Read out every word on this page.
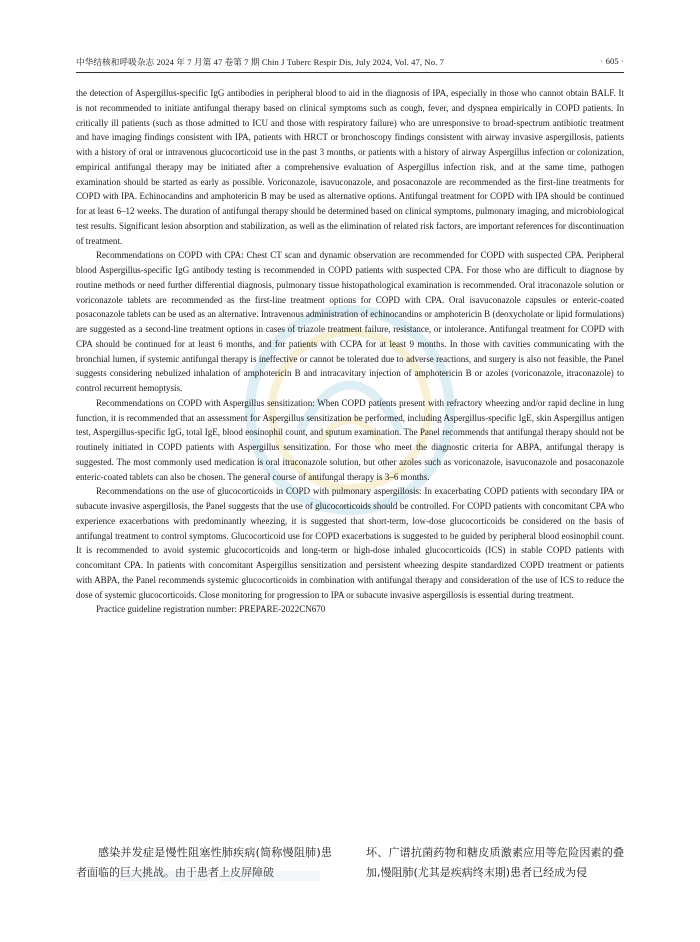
中华结核和呼吸杂志 2024 年 7 月第 47 卷第 7 期 Chin J Tuberc Respir Dis, July 2024, Vol. 47, No. 7	· 605 ·

the detection of Aspergillus-specific IgG antibodies in peripheral blood to aid in the diagnosis of IPA, especially in those who cannot obtain BALF. It is not recommended to initiate antifungal therapy based on clinical symptoms such as cough, fever, and dyspnea empirically in COPD patients. In critically ill patients (such as those admitted to ICU and those with respiratory failure) who are unresponsive to broad-spectrum antibiotic treatment and have imaging findings consistent with IPA, patients with HRCT or bronchoscopy findings consistent with airway invasive aspergillosis, patients with a history of oral or intravenous glucocorticoid use in the past 3 months, or patients with a history of airway Aspergillus infection or colonization, empirical antifungal therapy may be initiated after a comprehensive evaluation of Aspergillus infection risk, and at the same time, pathogen examination should be started as early as possible. Voriconazole, isavuconazole, and posaconazole are recommended as the first-line treatments for COPD with IPA. Echinocandins and amphotericin B may be used as alternative options. Antifungal treatment for COPD with IPA should be continued for at least 6–12 weeks. The duration of antifungal therapy should be determined based on clinical symptoms, pulmonary imaging, and microbiological test results. Significant lesion absorption and stabilization, as well as the elimination of related risk factors, are important references for discontinuation of treatment.

Recommendations on COPD with CPA: Chest CT scan and dynamic observation are recommended for COPD with suspected CPA. Peripheral blood Aspergillus-specific IgG antibody testing is recommended in COPD patients with suspected CPA. For those who are difficult to diagnose by routine methods or need further differential diagnosis, pulmonary tissue histopathological examination is recommended. Oral itraconazole solution or voriconazole tablets are recommended as the first-line treatment options for COPD with CPA. Oral isavuconazole capsules or enteric-coated posaconazole tablets can be used as an alternative. Intravenous administration of echinocandins or amphotericin B (deoxycholate or lipid formulations) are suggested as a second-line treatment options in cases of triazole treatment failure, resistance, or intolerance. Antifungal treatment for COPD with CPA should be continued for at least 6 months, and for patients with CCPA for at least 9 months. In those with cavities communicating with the bronchial lumen, if systemic antifungal therapy is ineffective or cannot be tolerated due to adverse reactions, and surgery is also not feasible, the Panel suggests considering nebulized inhalation of amphotericin B and intracavitary injection of amphotericin B or azoles (voriconazole, itraconazole) to control recurrent hemoptysis.

Recommendations on COPD with Aspergillus sensitization: When COPD patients present with refractory wheezing and/or rapid decline in lung function, it is recommended that an assessment for Aspergillus sensitization be performed, including Aspergillus-specific IgE, skin Aspergillus antigen test, Aspergillus-specific IgG, total IgE, blood eosinophil count, and sputum examination. The Panel recommends that antifungal therapy should not be routinely initiated in COPD patients with Aspergillus sensitization. For those who meet the diagnostic criteria for ABPA, antifungal therapy is suggested. The most commonly used medication is oral itraconazole solution, but other azoles such as voriconazole, isavuconazole and posaconazole enteric-coated tablets can also be chosen. The general course of antifungal therapy is 3–6 months.

Recommendations on the use of glucocorticoids in COPD with pulmonary aspergillosis: In exacerbating COPD patients with secondary IPA or subacute invasive aspergillosis, the Panel suggests that the use of glucocorticoids should be controlled. For COPD patients with concomitant CPA who experience exacerbations with predominantly wheezing, it is suggested that short-term, low-dose glucocorticoids be considered on the basis of antifungal treatment to control symptoms. Glucocorticoid use for COPD exacerbations is suggested to be guided by peripheral blood eosinophil count. It is recommended to avoid systemic glucocorticoids and long-term or high-dose inhaled glucocorticoids (ICS) in stable COPD patients with concomitant CPA. In patients with concomitant Aspergillus sensitization and persistent wheezing despite standardized COPD treatment or patients with ABPA, the Panel recommends systemic glucocorticoids in combination with antifungal therapy and consideration of the use of ICS to reduce the dose of systemic glucocorticoids. Close monitoring for progression to IPA or subacute invasive aspergillosis is essential during treatment.

Practice guideline registration number: PREPARE-2022CN670

感染并发症是慢性阻塞性肺疾病(简称慢阻肺)患者面临的巨大挑战。由于患者上皮屏障破
坏、广谱抗菌药物和糖皮质激素应用等危险因素的叠加,慢阻肺(尤其是疾病终末期)患者已经成为侵
